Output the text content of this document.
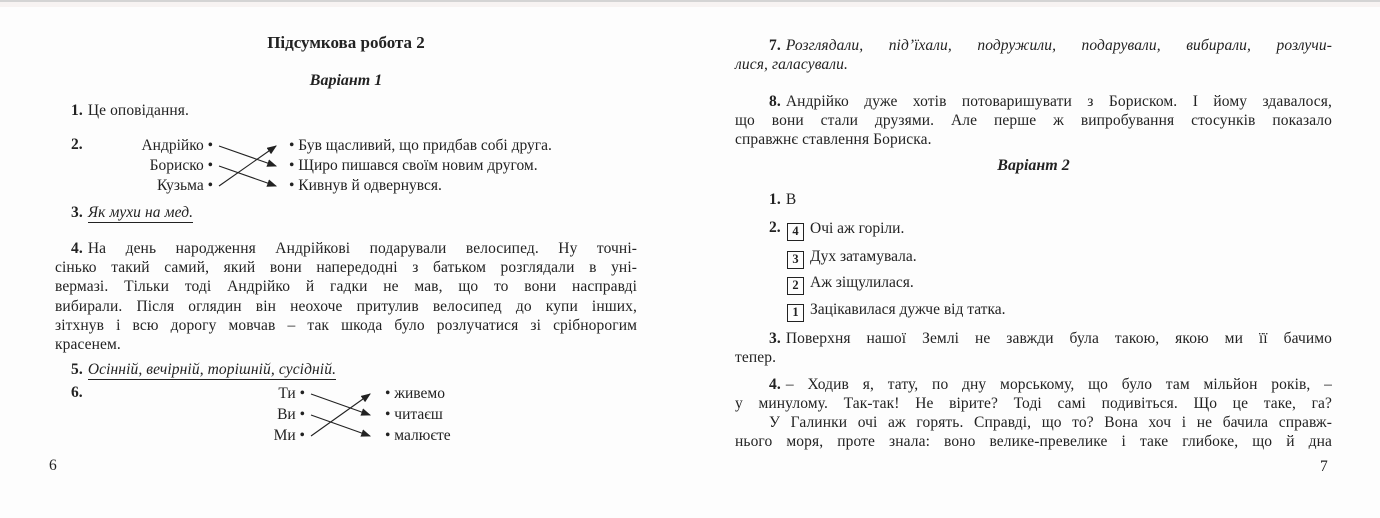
Підсумкова робота 2
Варіант 1
1. Це оповідання.
2.	Андрійко •
Бориско •
Кузьма •
• Був щасливий, що придбав собі друга.
• Щиро пишався своїм новим другом.
• Кивнув й одвернувся.
3. Як мухи на мед.
4. На день народження Андрійкові подарували велосипед. Ну точні-
сінько такий самий, який вони напередодні з батьком розглядали в уні-
вермазі. Тільки тоді Андрійко й гадки не мав, що то вони насправді
вибирали. Після оглядин він неохоче притулив велосипед до купи інших,
зітхнув і всю дорогу мовчав – так шкода було розлучатися зі срібнорогим
красенем.
5. Осінній, вечірній, торішній, сусідній.
6.	Ти •
Ви •
Ми •
• живемо
• читаєш
• малюєте
6
7. Розглядали, під’їхали, подружили, подарували, вибирали, розлучи-
лися, галасували.
8. Андрійко дуже хотів потоваришувати з Бориском. І йому здавалося,
що вони стали друзями. Але перше ж випробування стосунків показало
справжнє ставлення Бориска.
Варіант 2
1. В
2. 4 Очі аж горіли.
3 Дух затамувала.
2 Аж зіщулилася.
1 Зацікавилася дужче від татка.
3. Поверхня нашої Землі не завжди була такою, якою ми її бачимо
тепер.
4. – Ходив я, тату, по дну морському, що було там мільйон років, –
у минулому. Так-так! Не вірите? Тоді самі подивіться. Що це таке, га?
У Галинки очі аж горять. Справді, що то? Вона хоч і не бачила справж-
нього моря, проте знала: воно велике-превелике і таке глибоке, що й дна
7
